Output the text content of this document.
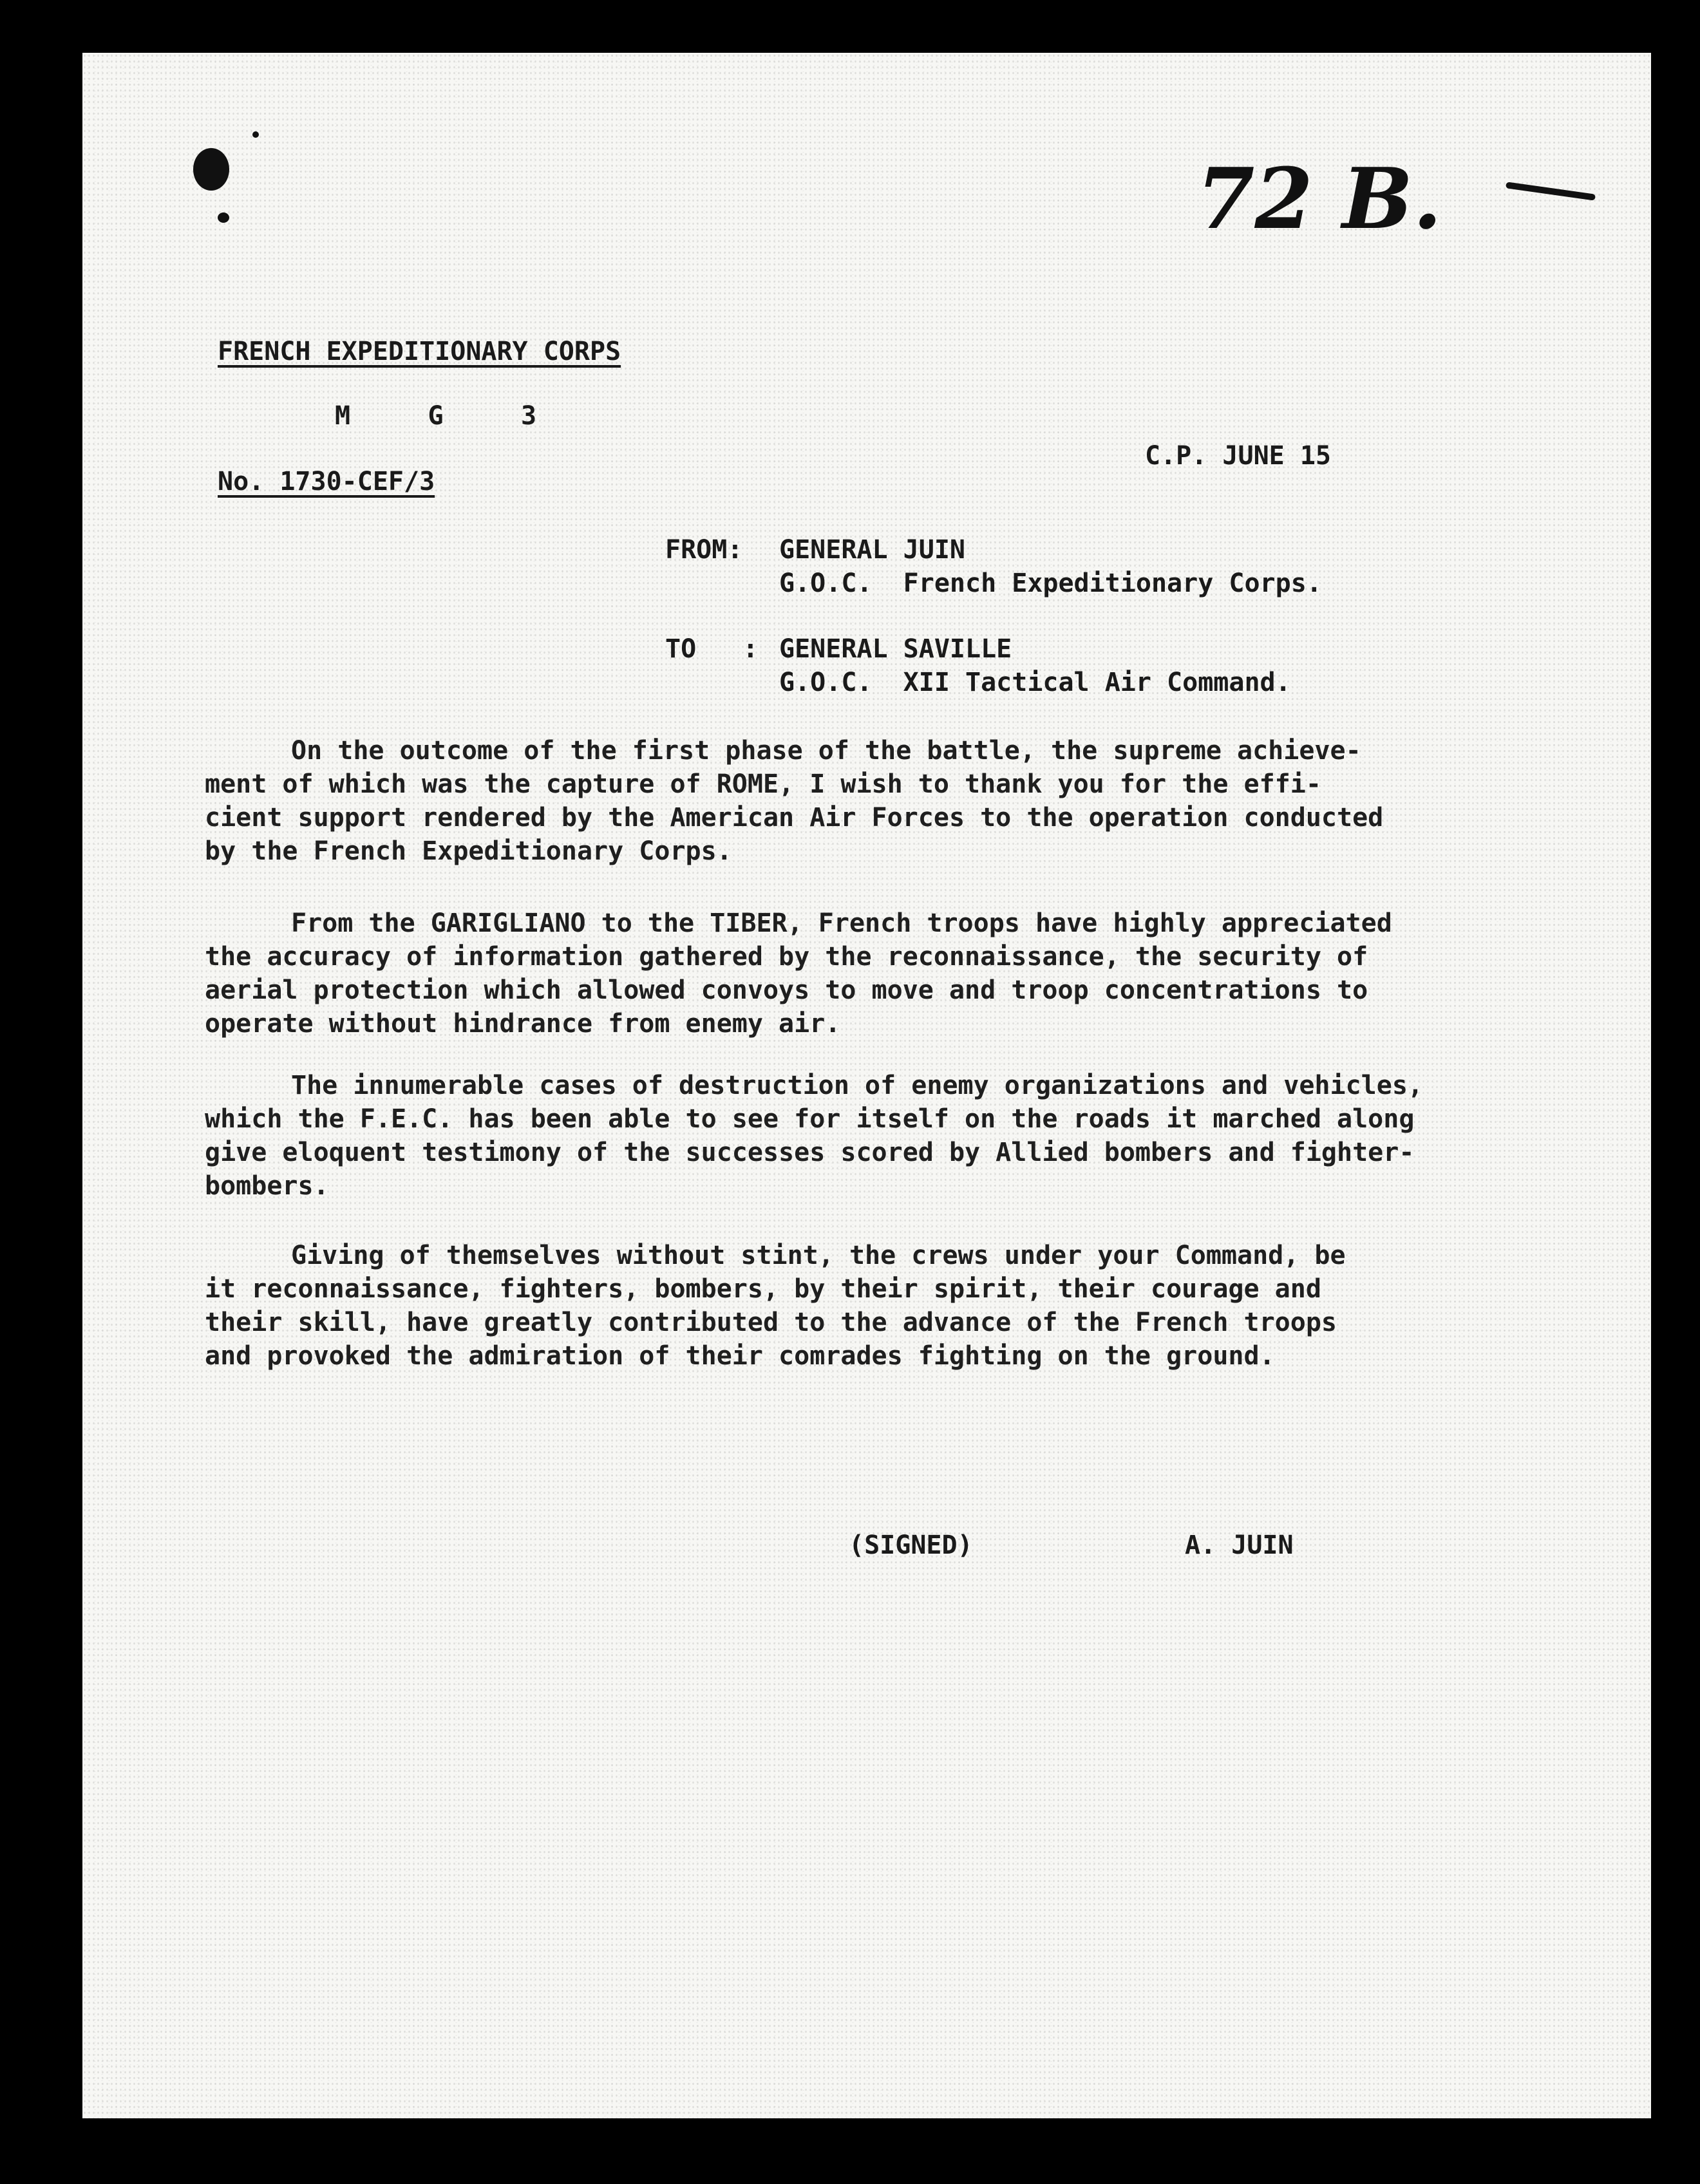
72 B.
FRENCH EXPEDITIONARY CORPS
M     G     3
C.P. JUNE 15
No. 1730-CEF/3
FROM: GENERAL JUIN
G.O.C.  French Expeditionary Corps.
TO   : GENERAL SAVILLE
G.O.C.  XII Tactical Air Command.
On the outcome of the first phase of the battle, the supreme achieve-
ment of which was the capture of ROME, I wish to thank you for the effi-
cient support rendered by the American Air Forces to the operation conducted
by the French Expeditionary Corps.
From the GARIGLIANO to the TIBER, French troops have highly appreciated
the accuracy of information gathered by the reconnaissance, the security of
aerial protection which allowed convoys to move and troop concentrations to
operate without hindrance from enemy air.
The innumerable cases of destruction of enemy organizations and vehicles,
which the F.E.C. has been able to see for itself on the roads it marched along
give eloquent testimony of the successes scored by Allied bombers and fighter-
bombers.
Giving of themselves without stint, the crews under your Command, be
it reconnaissance, fighters, bombers, by their spirit, their courage and
their skill, have greatly contributed to the advance of the French troops
and provoked the admiration of their comrades fighting on the ground.
(SIGNED)	A. JUIN
